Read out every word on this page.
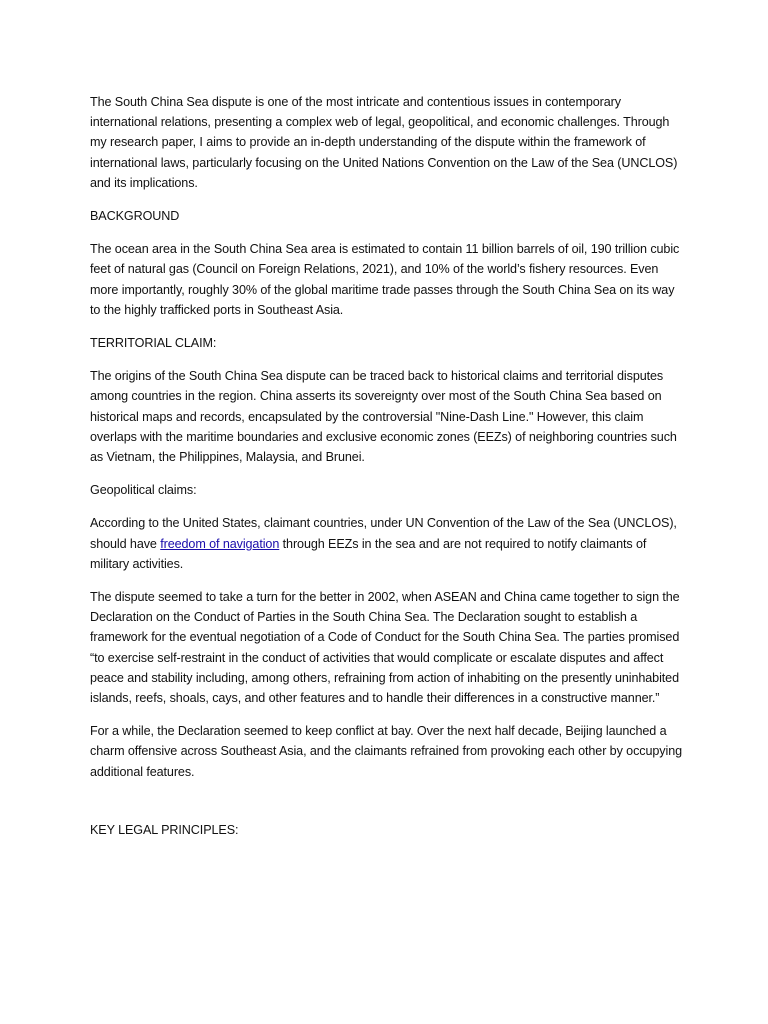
The South China Sea dispute is one of the most intricate and contentious issues in contemporary international relations, presenting a complex web of legal, geopolitical, and economic challenges. Through my research paper, I aims to provide an in-depth understanding of the dispute within the framework of international laws, particularly focusing on the United Nations Convention on the Law of the Sea (UNCLOS) and its implications.

BACKGROUND

The ocean area in the South China Sea area is estimated to contain 11 billion barrels of oil, 190 trillion cubic feet of natural gas (Council on Foreign Relations, 2021), and 10% of the world’s fishery resources. Even more importantly, roughly 30% of the global maritime trade passes through the South China Sea on its way to the highly trafficked ports in Southeast Asia.

TERRITORIAL CLAIM:

The origins of the South China Sea dispute can be traced back to historical claims and territorial disputes among countries in the region. China asserts its sovereignty over most of the South China Sea based on historical maps and records, encapsulated by the controversial "Nine-Dash Line." However, this claim overlaps with the maritime boundaries and exclusive economic zones (EEZs) of neighboring countries such as Vietnam, the Philippines, Malaysia, and Brunei.

Geopolitical claims:

According to the United States, claimant countries, under UN Convention of the Law of the Sea (UNCLOS), should have freedom of navigation through EEZs in the sea and are not required to notify claimants of military activities.

The dispute seemed to take a turn for the better in 2002, when ASEAN and China came together to sign the Declaration on the Conduct of Parties in the South China Sea. The Declaration sought to establish a framework for the eventual negotiation of a Code of Conduct for the South China Sea. The parties promised “to exercise self-restraint in the conduct of activities that would complicate or escalate disputes and affect peace and stability including, among others, refraining from action of inhabiting on the presently uninhabited islands, reefs, shoals, cays, and other features and to handle their differences in a constructive manner.”

For a while, the Declaration seemed to keep conflict at bay. Over the next half decade, Beijing launched a charm offensive across Southeast Asia, and the claimants refrained from provoking each other by occupying additional features.

KEY LEGAL PRINCIPLES:
